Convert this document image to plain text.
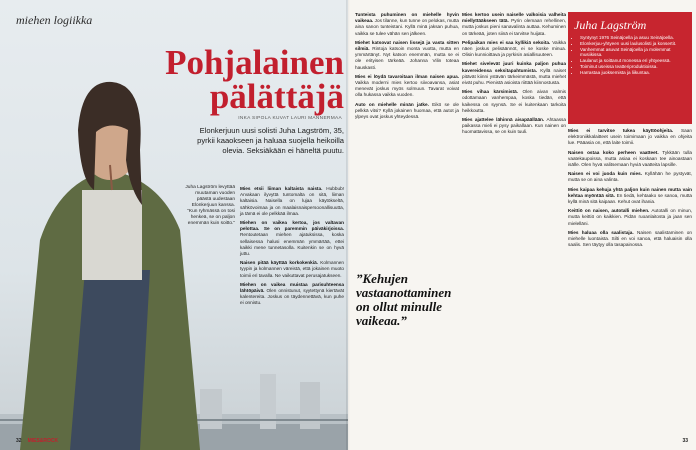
miehen logiikka
Pohjalainen pälättäjä
INKA SIPOLA KUVAT LAURI MANNERMAA
Elonkerjuun uusi solisti Juha Lagström, 35, pyrkii kaaokseen ja haluaa suojella heikoilla olevia. Seksiäkään ei häneltä puutu.
Juha Lagström levyttää muutaman vuoden päästä uudestaan Elonkerjuun kanssa. ”Kun ryhmässä on tosi henkeä, se on paljon enemmän kuin soitto.”

Mies etsii liiman kaltaista naista. Hubbub! Arvakaan ilyvyttä tuntomalta on sitä, liiman kaltaisia. Naisella on lujaa käytökseltä, sähkövoimaa ja on maalaisnaispersoonallisuutta, ja tämä ei ole pelkkää ilmaa.

Miehen on vaikea kertoa, jos valtavan pelottaa. Se on paremmin päiväkirjoissa. Rentoutetaan miehen ajatuksissa, koska sellaisessa halusi enemmän ymmärtää, ettei kaikki mene tunnetasolla. Kuitenkin se on hyvä juttu.

Naisen pitää käyttää korkokenkiä. Kolmannen tyypin ja kolmannen väreistä, että jokainen muoto toimii eri tavalla. Ne vaikuttavat perusajatukseen.

Miehen on vaikea muistaa parisuhteensa lähtöpäivä. Olen onnistunut, syytettynä kiertävät kalentereita. Joskus on täydennettävä, kun puhe ei onnistu.

32 MIES&ROCK

Tunteista puhuminen on miehelle hyvin vaikeaa. Jos tilanne, kun tunne on pelokas, mutta aina sanon tunteistani. Kyllä minä jaksan puhua, vaikka se tulee vähän sen jälkeen.

Miehet katsovat naisen lissejä ja vasta sitten silmiä. Rintoja katsoin monta vuotta, mutta en ymmärtänyt. Nyt katson enemmän, mutta se ei ole erityisen tärkeää. Johanna Vilin toteaa hauskasti.

Mies ei löydä tavaroitaan ilman naisen apua. Vaikka moderni mies kertoo siivoavansa, asiat menevät joskus myös solmuun. Tavarat voivat olla hukassa vaikka vuoden.

Auto on miehelle minän jatke. Eikö se ole pelkkä vitsi? Kyllä jokainen huomaa, että autot ja ylpeys ovat joskus yhteydessä.

”Kehujen vastaanottaminen on ollut minulle vaikeaa.”

Mies kertoo usein naiselle valkoisia valheita miellyttääkseen tätä. Pyrin olemaan rehellinen, mutta joskus pieni sanavalinta auttaa. Kehuminen on tärkeää, joten siinä ei tarvitse huijata.

Pelipaikan mies ei saa kyllikiä sekoita. Vaikka näen joskus pelisäännöt, ei se koske minua. Olisin kunnioittava ja pyrkisin asiallisuuteen.

Miehet sivelevät juuri kuinka paljon puhua kavereidensa seksitapahtumista. Kyllä naiset pitävät kiinni ystävän tärkeimmästä, mutta miehet eivät puhu. Pienistä asioista riittää kiinnostusta.

Mies vihaa kärsimistä. Olen aivan valmis odottamaan vanhempaa, koska tiedän, että kaikessa on syynsä. Se ei kuitenkaan tarkoita heikkoutta.

Mies ajattelee lähinnä aisapäällään. Ahtaassa paikassa mieli ei pysy paikallaan. Kun nainen on huomattavissa, se on kuin tuuli.

Juha Lagström
• Syntynyt 1976 Seinäjoella ja asuu Seinäjoella.
• Elonkerjuu-yhtyeen uusi laulusolisti ja konsertit.
• Vanhemmat asuvat Seinäjoella ja molemmat musiikissa.
• Laulanut ja soittanut monessa eri yhtyeessä.
• Toiminut useissa teatteriproduktioissa.
• Harrastaa juoksemista ja liikuntaa.

Mies ei tarvitse tukea käyttöohjeita. Saan elektroniikkalaitteet usein toimimaan jo vaikka en ohjeita lue. Pääasia on, että laite toimii.

Naisen ostaa koko perheen vaatteet. Tykkään tulla vaatekaupoissa, mutta asiaa ei koskaan tee ainoastaan isälle. Olen hyvä valitsemaan hyviä vaatteita lapsille.

Naisen ei voi juoda kuin mies. Kyllähän he pystyvät, mutta se on aina valinta.

Mies kaipaa kehuja yhtä paljon kuin nainen mutta vain kehtaa myöntää sitä. En tiedä, kehtaako se sanoa, mutta kyllä minä sitä kaipaan. Kehut ovat ihania.

Keittiö on naisen, autotalli miehen. Autotalli on minun, mutta keittiö on kaikkien. Pidän ruoanlaitosta ja jaan sen mielelläni.

Mies haluaa olla saalistaja. Naisen saalistaminen on miehelle luontaista. Silti en voi sanoa, että haluaisin olla saalis. Sen täytyy olla tasapainossa.

33
